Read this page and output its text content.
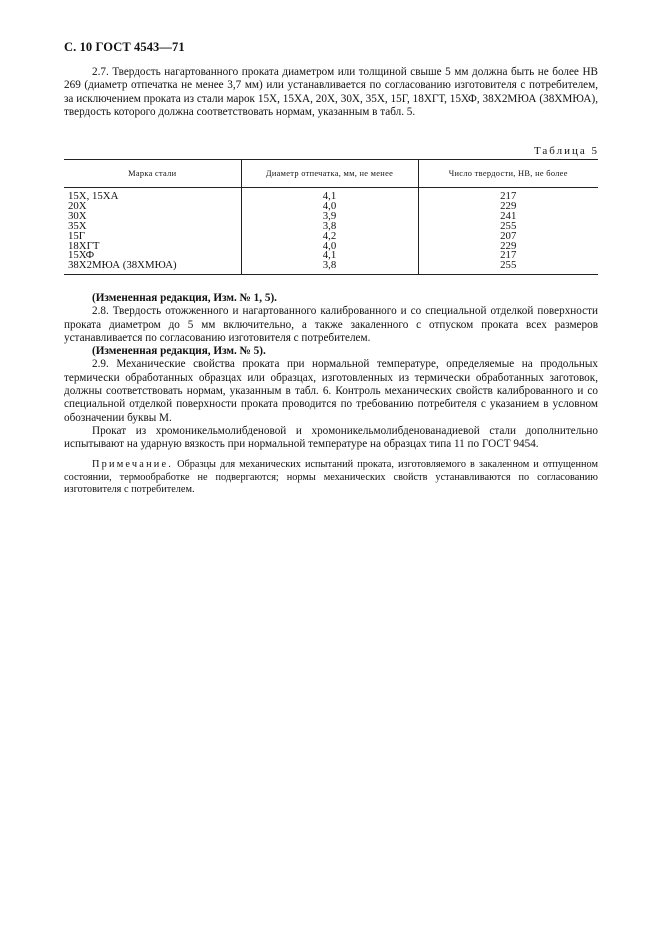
С. 10 ГОСТ 4543—71

2.7. Твердость нагартованного проката диаметром или толщиной свыше 5 мм должна быть не более НВ 269 (диаметр отпечатка не менее 3,7 мм) или устанавливается по согласованию изготовителя с потребителем, за исключением проката из стали марок 15Х, 15ХА, 20Х, 30Х, 35Х, 15Г, 18ХГТ, 15ХФ, 38Х2МЮА (38ХМЮА), твердость которого должна соответствовать нормам, указанным в табл. 5.

Таблица 5
Марка стали	Диаметр отпечатка, мм, не менее	Число твердости, НВ, не более
15Х, 15ХА	4,1	217
20Х	4,0	229
30Х	3,9	241
35Х	3,8	255
15Г	4,2	207
18ХГТ	4,0	229
15ХФ	4,1	217
38Х2МЮА (38ХМЮА)	3,8	255

(Измененная редакция, Изм. № 1, 5).

2.8. Твердость отожженного и нагартованного калиброванного и со специальной отделкой поверхности проката диаметром до 5 мм включительно, а также закаленного с отпуском проката всех размеров устанавливается по согласованию изготовителя с потребителем.

(Измененная редакция, Изм. № 5).

2.9. Механические свойства проката при нормальной температуре, определяемые на продольных термически обработанных образцах или образцах, изготовленных из термически обработанных заготовок, должны соответствовать нормам, указанным в табл. 6. Контроль механических свойств калиброванного и со специальной отделкой поверхности проката проводится по требованию потребителя с указанием в условном обозначении буквы М.

Прокат из хромоникельмолибденовой и хромоникельмолибденованадиевой стали дополнительно испытывают на ударную вязкость при нормальной температуре на образцах типа 11 по ГОСТ 9454.

Примечание. Образцы для механических испытаний проката, изготовляемого в закаленном и отпущенном состоянии, термообработке не подвергаются; нормы механических свойств устанавливаются по согласованию изготовителя с потребителем.
